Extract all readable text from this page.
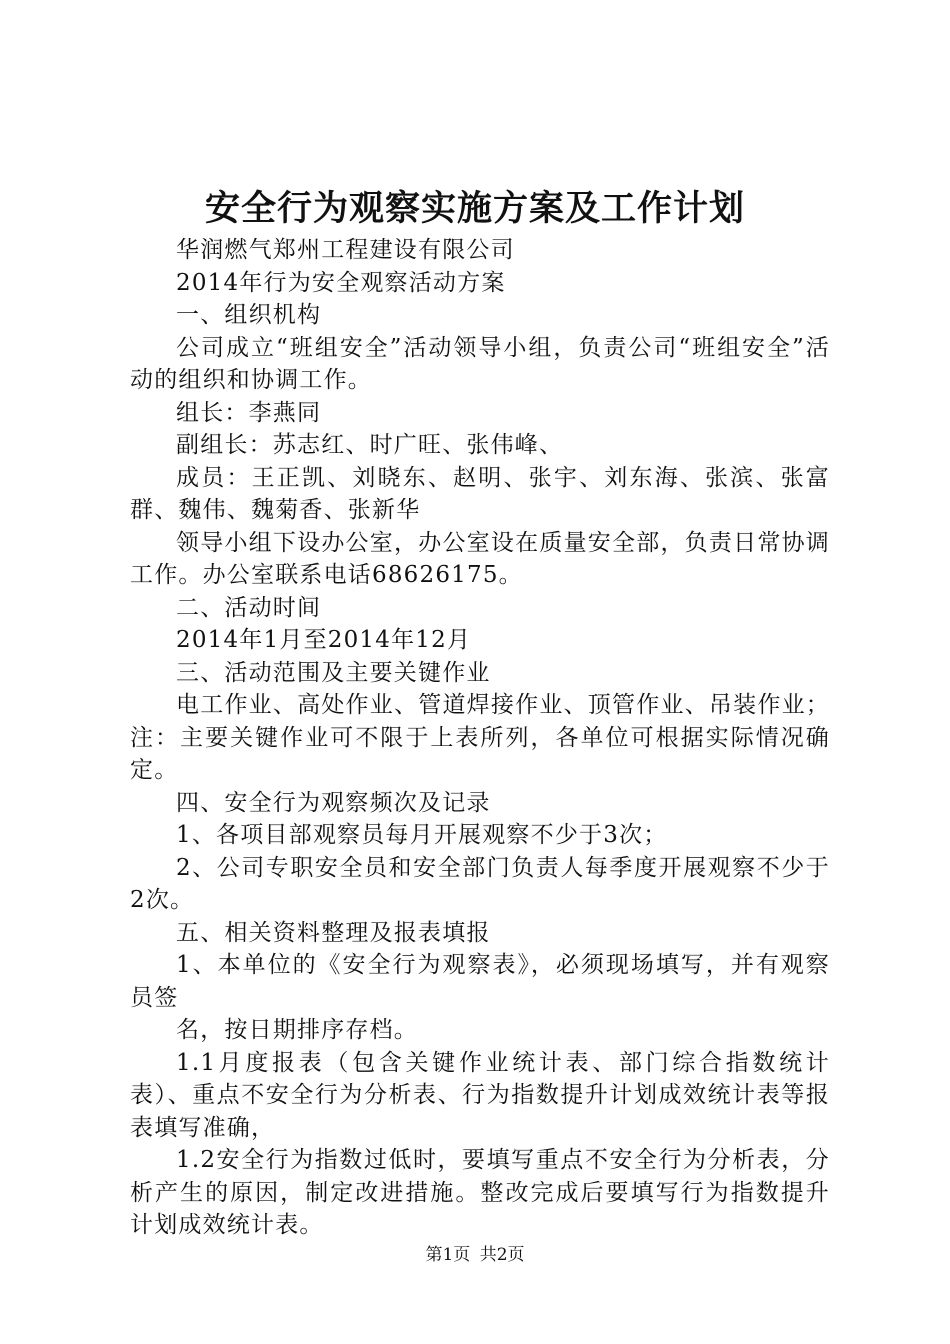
安全行为观察实施方案及工作计划

华润燃气郑州工程建设有限公司

2014年行为安全观察活动方案

一、组织机构

公司成立“班组安全”活动领导小组，负责公司“班组安全”活动的组织和协调工作。

组长：李燕同

副组长：苏志红、时广旺、张伟峰、

成员：王正凯、刘晓东、赵明、张宇、刘东海、张滨、张富群、魏伟、魏菊香、张新华

领导小组下设办公室，办公室设在质量安全部，负责日常协调工作。办公室联系电话68626175。

二、活动时间

2014年1月至2014年12月

三、活动范围及主要关键作业

电工作业、高处作业、管道焊接作业、顶管作业、吊装作业；注：主要关键作业可不限于上表所列，各单位可根据实际情况确定。

四、安全行为观察频次及记录

1、各项目部观察员每月开展观察不少于3次；

2、公司专职安全员和安全部门负责人每季度开展观察不少于2次。

五、相关资料整理及报表填报

1、本单位的《安全行为观察表》，必须现场填写，并有观察员签

名，按日期排序存档。

1.1月度报表（包含关键作业统计表、部门综合指数统计表）、重点不安全行为分析表、行为指数提升计划成效统计表等报表填写准确，

1.2安全行为指数过低时，要填写重点不安全行为分析表，分析产生的原因，制定改进措施。整改完成后要填写行为指数提升计划成效统计表。

第1页 共2页
